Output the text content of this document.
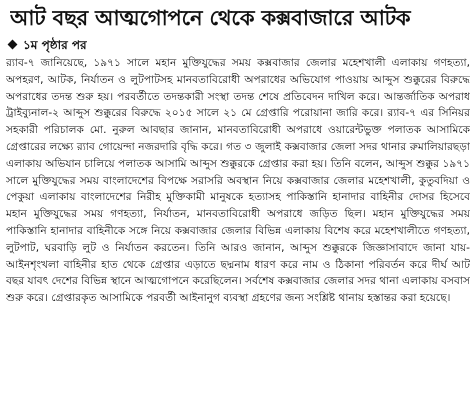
আট বছর আত্মগোপনে থেকে কক্সবাজারে আটক
১ম পৃষ্ঠার পর

র‍্যাব-৭ জানিয়েছে, ১৯৭১ সালে মহান মুক্তিযুদ্ধের সময় কক্সবাজার জেলার মহেশখালী এলাকায় গণহত্যা, অপহরণ, আটক, নির্যাতন ও লুটপাটসহ মানবতাবিরোধী অপরাধের অভিযোগ পাওয়ায় আব্দুস শুক্কুরের বিরুদ্ধে অপরাধের তদন্ত শুরু হয়। পরবর্তীতে তদন্তকারী সংস্থা তদন্ত শেষে প্রতিবেদন দাখিল করে। আন্তর্জাতিক অপরাধ ট্রাইব্যুনাল-২ আব্দুস শুক্কুরের বিরুদ্ধে ২০১৫ সালে ২১ মে গ্রেপ্তারি পরোয়ানা জারি করে। র‍্যাব-৭ এর সিনিয়র সহকারী পরিচালক মো. নুরুল আবছার জানান, মানবতাবিরোধী অপরাধে ওয়ারেন্টভুক্ত পলাতক আসামিকে গ্রেপ্তারের লক্ষ্যে র‍্যাব গোয়েন্দা নজরদারি বৃদ্ধি করে। গত ৩ জুলাই কক্সবাজার জেলা সদর থানার রুমালিয়ারছড়া এলাকায় অভিযান চালিয়ে পলাতক আসামি আব্দুস শুক্কুরকে গ্রেপ্তার করা হয়। তিনি বলেন, আব্দুস শুক্কুর ১৯৭১ সালে মুক্তিযুদ্ধের সময় বাংলাদেশের বিপক্ষে সরাসরি অবস্থান নিয়ে কক্সবাজার জেলার মহেশখালী, কুতুবদিয়া ও পেকুয়া এলাকায় বাংলাদেশের নিরীহ মুক্তিকামী মানুষকে হত্যাসহ পাকিস্তানি হানাদার বাহিনীর দোসর হিসেবে মহান মুক্তিযুদ্ধের সময় গণহত্যা, নির্যাতন, মানবতাবিরোধী অপরাধে জড়িত ছিল। মহান মুক্তিযুদ্ধের সময় পাকিস্তানি হানাদার বাহিনীকে সঙ্গে নিয়ে কক্সবাজার জেলার বিভিন্ন এলাকায় বিশেষ করে মহেশখালীতে গণহত্যা, লুটপাট, ঘরবাড়ি লুট ও নির্যাতন করতেন। তিনি আরও জানান, আব্দুস শুক্কুরকে জিজ্ঞাসাবাদে জানা যায়- আইনশৃংখলা বাহিনীর হাত থেকে গ্রেপ্তার এড়াতে ছদ্মনাম ধারণ করে নাম ও ঠিকানা পরিবর্তন করে দীর্ঘ আট বছর যাবৎ দেশের বিভিন্ন স্থানে আত্মগোপনে করেছিলেন। সর্বশেষ কক্সবাজার জেলার সদর থানা এলাকায় বসবাস শুরু করে। গ্রেপ্তারকৃত আসামিকে পরবর্তী আইনানুগ ব্যবস্থা গ্রহণের জন্য সংশ্লিষ্ট থানায় হস্তান্তর করা হয়েছে।
